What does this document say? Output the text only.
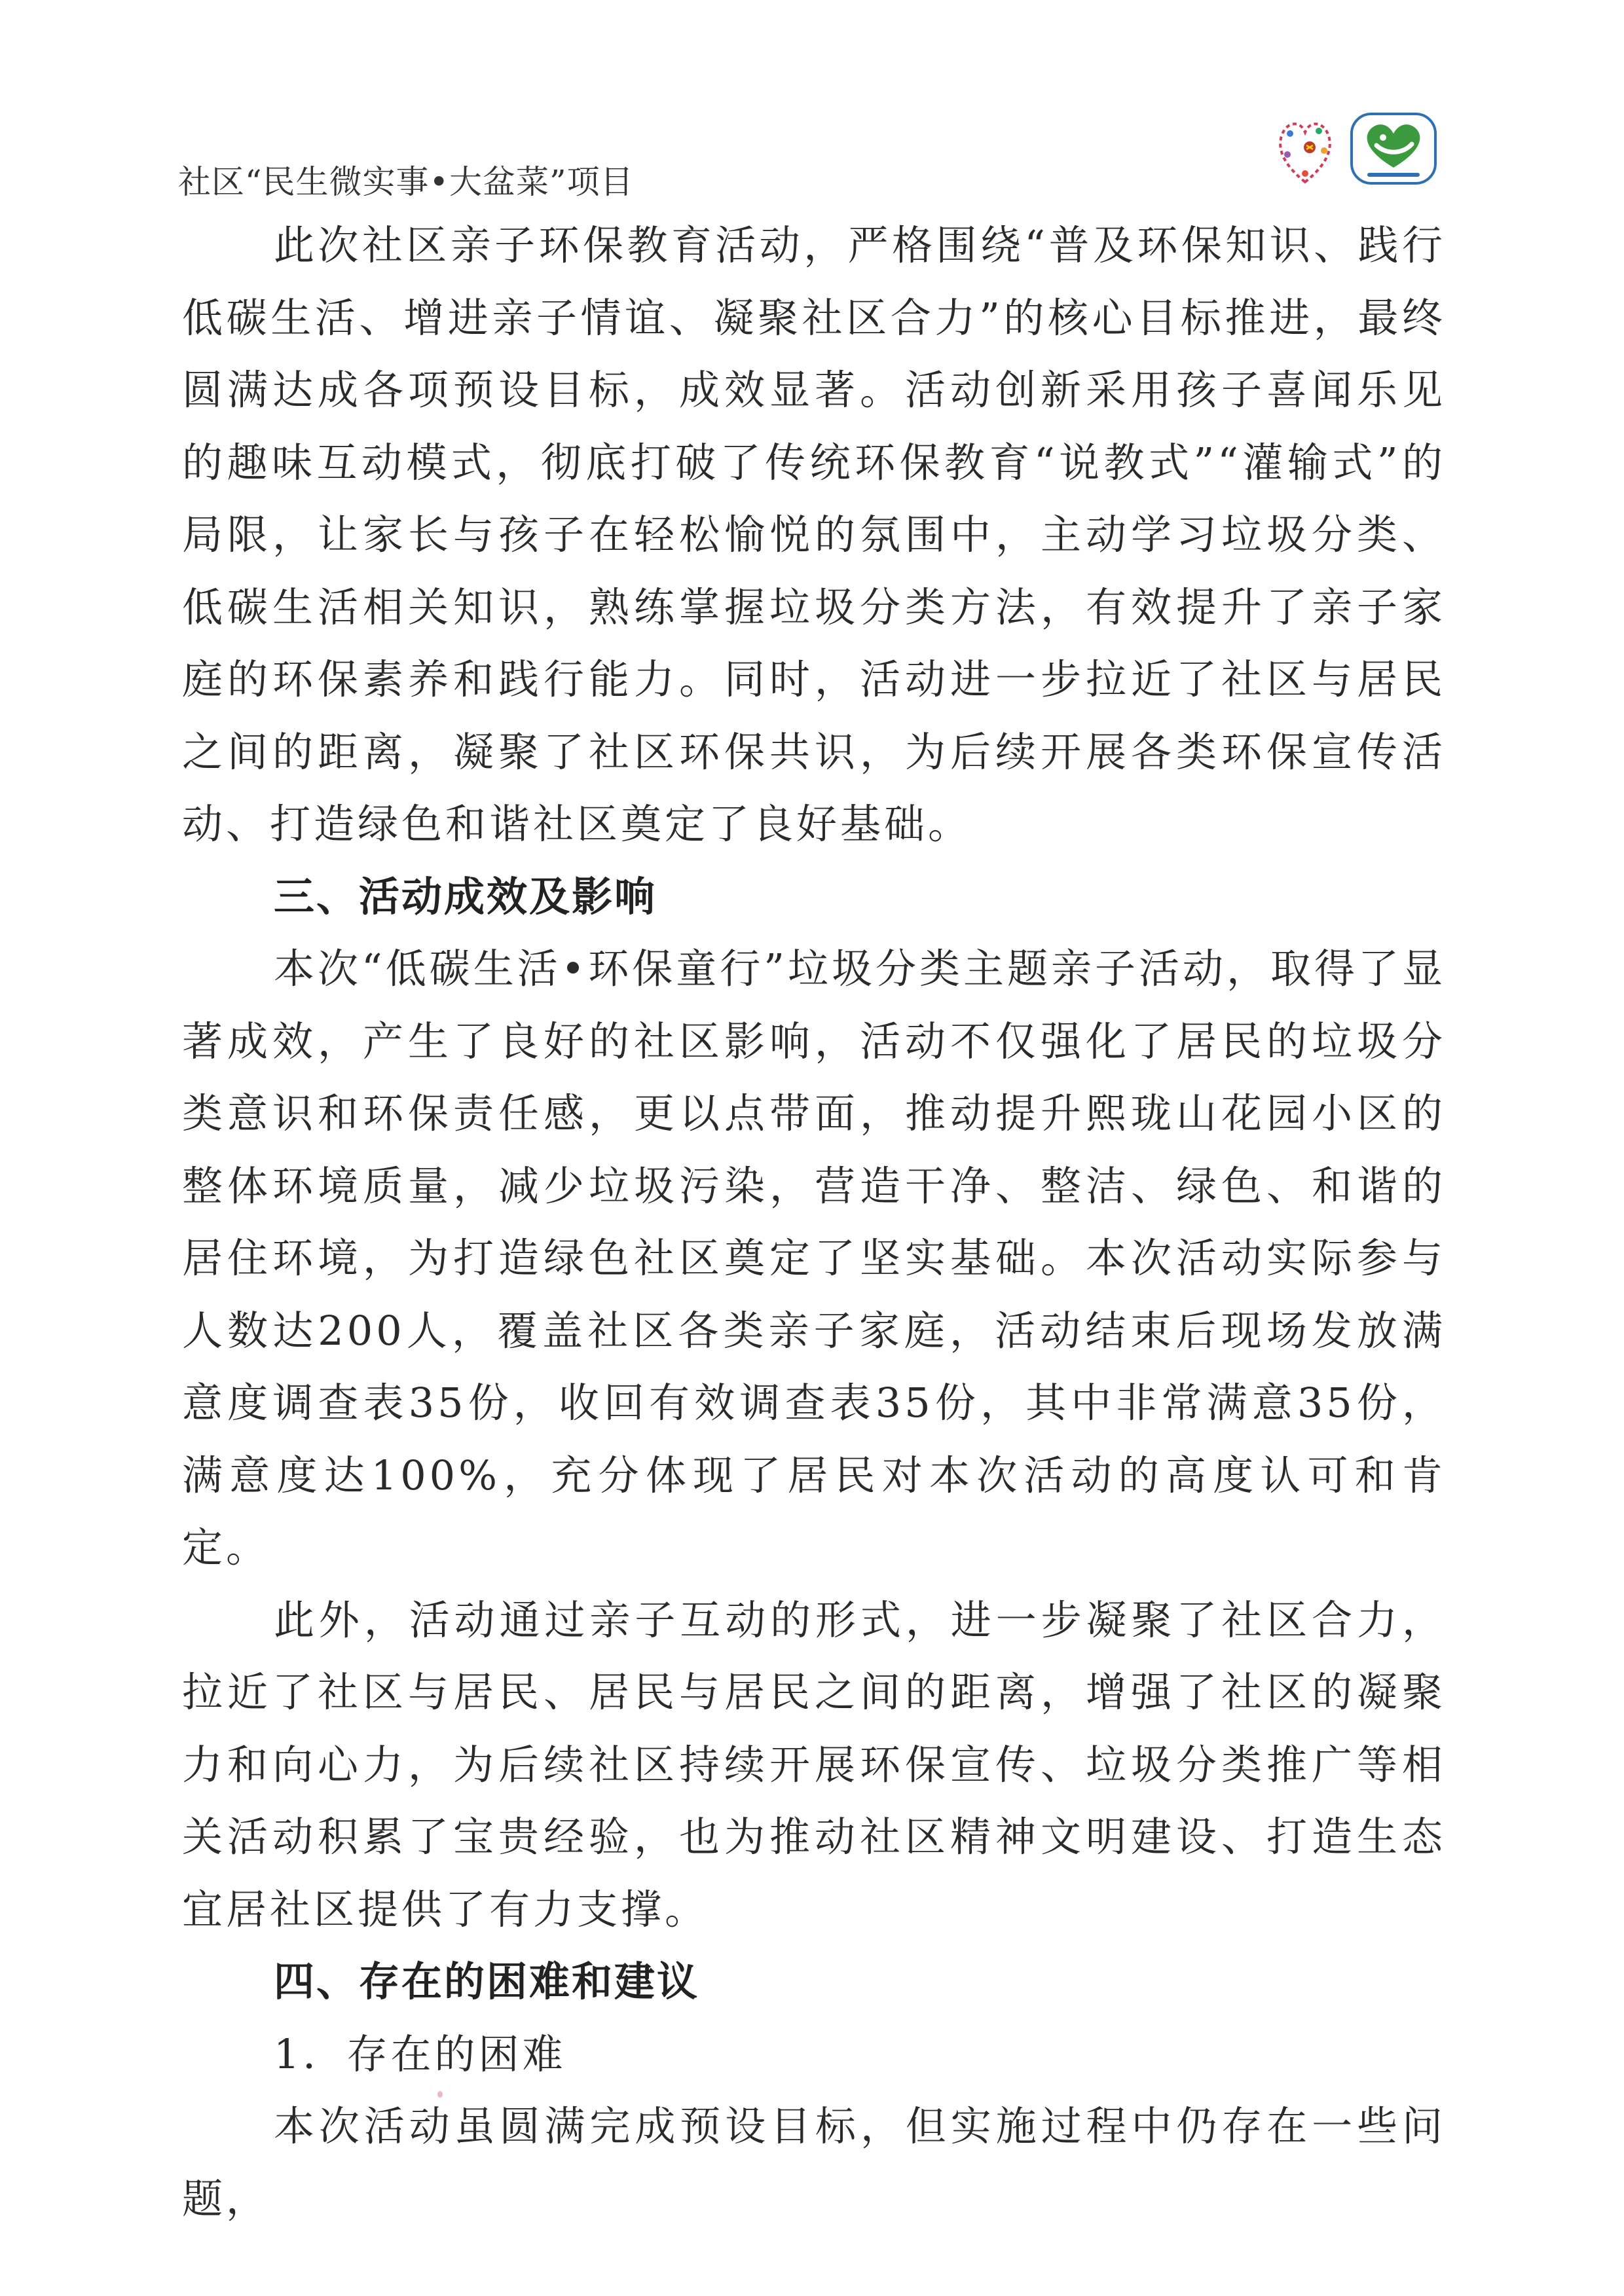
社区“民生微实事•大盆菜”项目

此次社区亲子环保教育活动，严格围绕“普及环保知识、践行低碳生活、增进亲子情谊、凝聚社区合力”的核心目标推进，最终圆满达成各项预设目标，成效显著。活动创新采用孩子喜闻乐见的趣味互动模式，彻底打破了传统环保教育“说教式”“灌输式”的局限，让家长与孩子在轻松愉悦的氛围中，主动学习垃圾分类、低碳生活相关知识，熟练掌握垃圾分类方法，有效提升了亲子家庭的环保素养和践行能力。同时，活动进一步拉近了社区与居民之间的距离，凝聚了社区环保共识，为后续开展各类环保宣传活动、打造绿色和谐社区奠定了良好基础。

三、活动成效及影响

本次“低碳生活•环保童行”垃圾分类主题亲子活动，取得了显著成效，产生了良好的社区影响，活动不仅强化了居民的垃圾分类意识和环保责任感，更以点带面，推动提升熙珑山花园小区的整体环境质量，减少垃圾污染，营造干净、整洁、绿色、和谐的居住环境，为打造绿色社区奠定了坚实基础。本次活动实际参与人数达200人，覆盖社区各类亲子家庭，活动结束后现场发放满意度调查表35份，收回有效调查表35份，其中非常满意35份，满意度达100%，充分体现了居民对本次活动的高度认可和肯定。

此外，活动通过亲子互动的形式，进一步凝聚了社区合力，拉近了社区与居民、居民与居民之间的距离，增强了社区的凝聚力和向心力，为后续社区持续开展环保宣传、垃圾分类推广等相关活动积累了宝贵经验，也为推动社区精神文明建设、打造生态宜居社区提供了有力支撑。

四、存在的困难和建议
1．存在的困难

本次活动虽圆满完成预设目标，但实施过程中仍存在一些问题，
